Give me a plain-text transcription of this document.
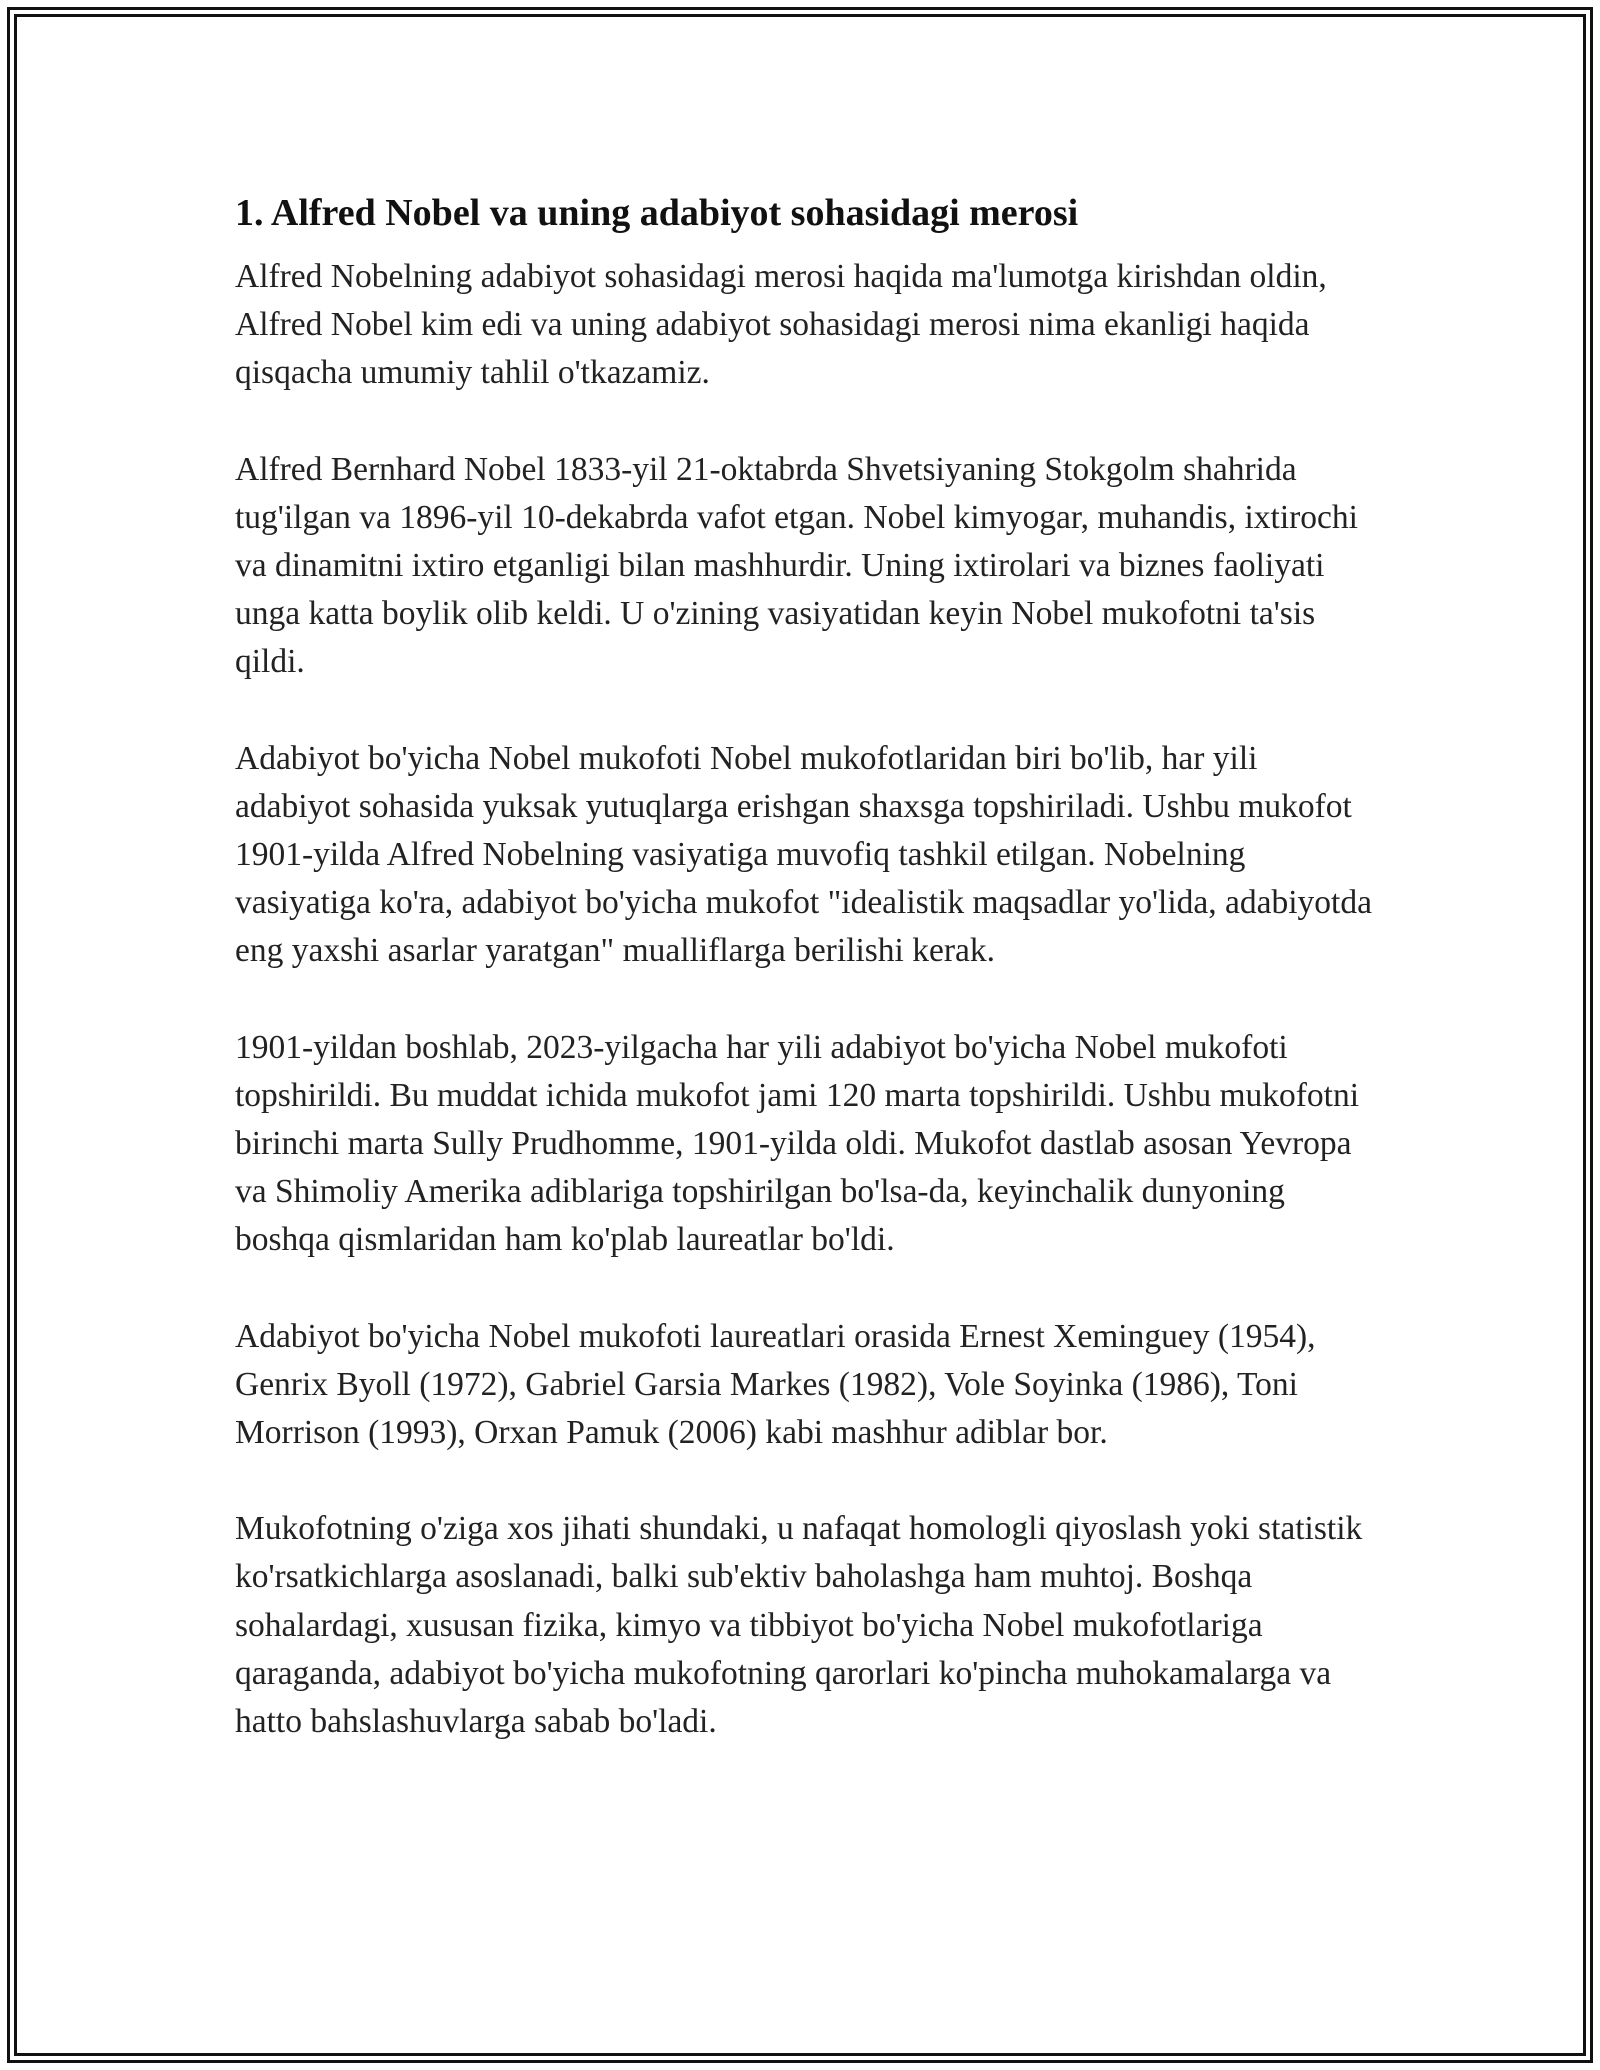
1. Alfred Nobel va uning adabiyot sohasidagi merosi

Alfred Nobelning adabiyot sohasidagi merosi haqida ma'lumotga kirishdan oldin, Alfred Nobel kim edi va uning adabiyot sohasidagi merosi nima ekanligi haqida qisqacha umumiy tahlil o'tkazamiz.

Alfred Bernhard Nobel 1833-yil 21-oktabrda Shvetsiyaning Stokgolm shahrida tug'ilgan va 1896-yil 10-dekabrda vafot etgan. Nobel kimyogar, muhandis, ixtirochi va dinamitni ixtiro etganligi bilan mashhurdir. Uning ixtirolari va biznes faoliyati unga katta boylik olib keldi. U o'zining vasiyatidan keyin Nobel mukofotni ta'sis qildi.

Adabiyot bo'yicha Nobel mukofoti Nobel mukofotlaridan biri bo'lib, har yili adabiyot sohasida yuksak yutuqlarga erishgan shaxsga topshiriladi. Ushbu mukofot 1901-yilda Alfred Nobelning vasiyatiga muvofiq tashkil etilgan. Nobelning vasiyatiga ko'ra, adabiyot bo'yicha mukofot "idealistik maqsadlar yo'lida, adabiyotda eng yaxshi asarlar yaratgan" mualliflarga berilishi kerak.

1901-yildan boshlab, 2023-yilgacha har yili adabiyot bo'yicha Nobel mukofoti topshirildi. Bu muddat ichida mukofot jami 120 marta topshirildi. Ushbu mukofotni birinchi marta Sully Prudhomme, 1901-yilda oldi. Mukofot dastlab asosan Yevropa va Shimoliy Amerika adiblariga topshirilgan bo'lsa-da, keyinchalik dunyoning boshqa qismlaridan ham ko'plab laureatlar bo'ldi.

Adabiyot bo'yicha Nobel mukofoti laureatlari orasida Ernest Xeminguey (1954), Genrix Byoll (1972), Gabriel Garsia Markes (1982), Vole Soyinka (1986), Toni Morrison (1993), Orxan Pamuk (2006) kabi mashhur adiblar bor.

Mukofotning o'ziga xos jihati shundaki, u nafaqat homologli qiyoslash yoki statistik ko'rsatkichlarga asoslanadi, balki sub'ektiv baholashga ham muhtoj. Boshqa sohalardagi, xususan fizika, kimyo va tibbiyot bo'yicha Nobel mukofotlariga qaraganda, adabiyot bo'yicha mukofotning qarorlari ko'pincha muhokamalarga va hatto bahslashuvlarga sabab bo'ladi.
